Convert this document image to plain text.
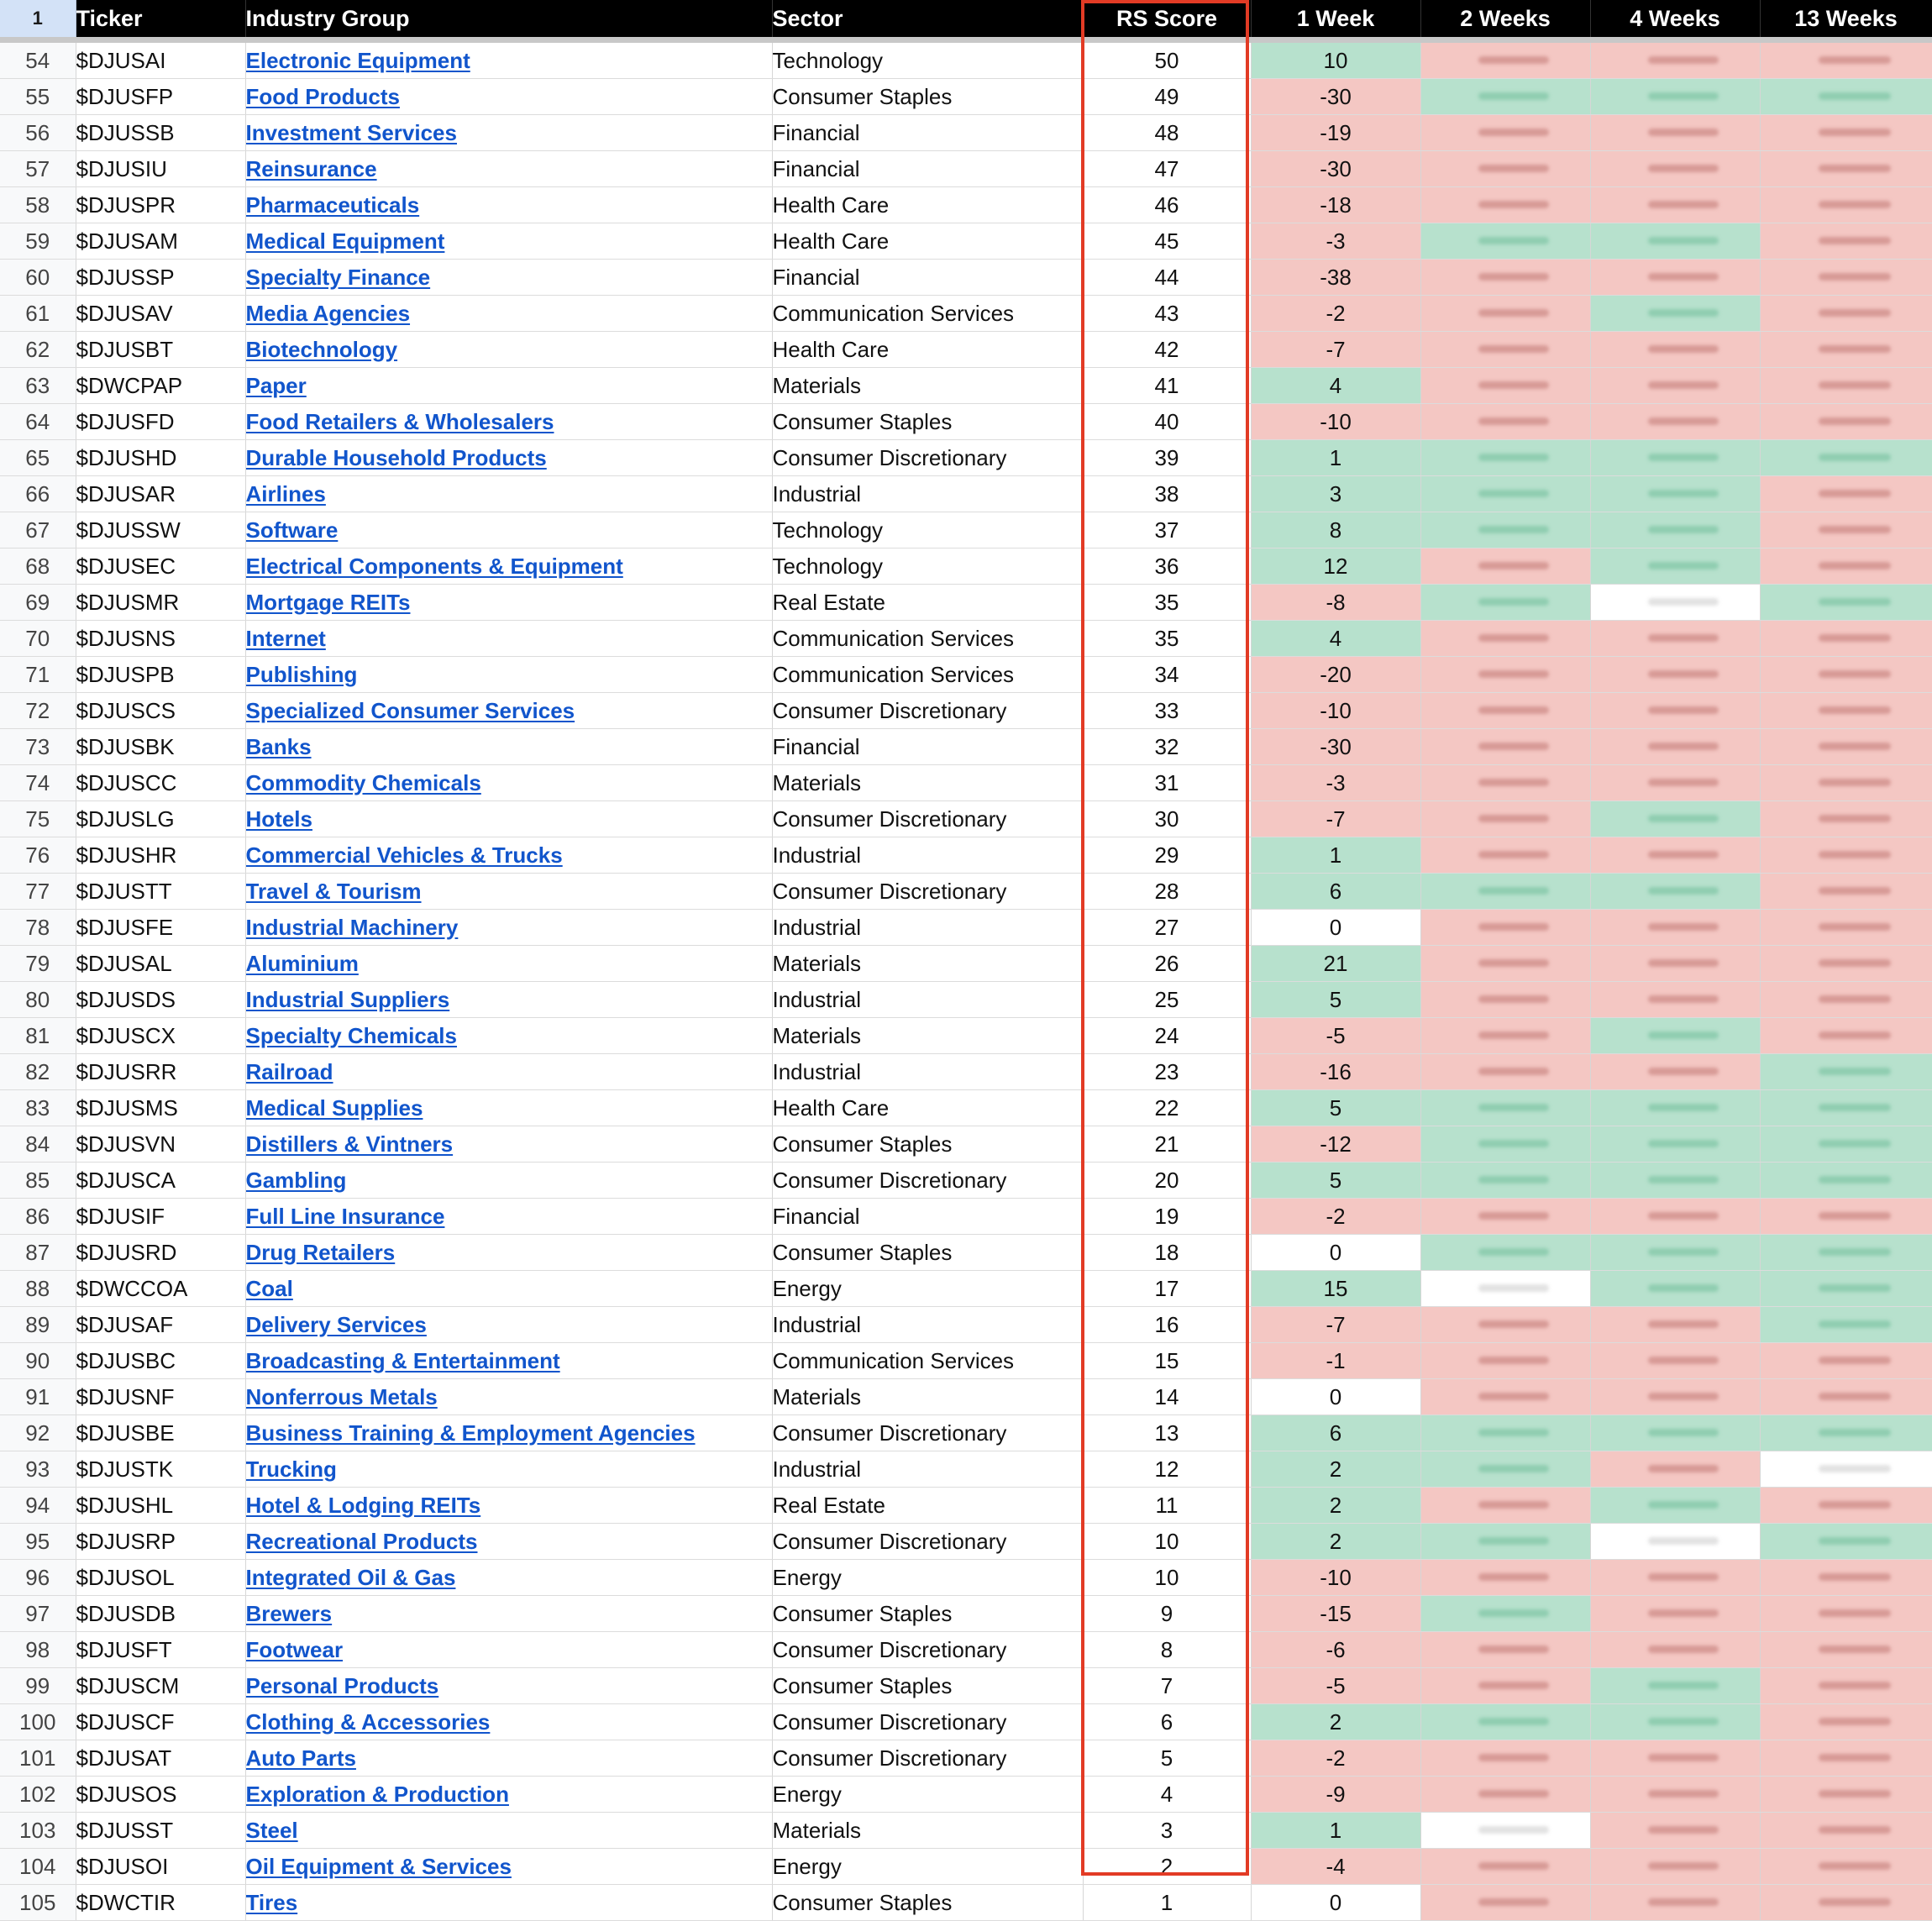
1	Ticker	Industry Group	Sector	RS Score	1 Week	2 Weeks	4 Weeks	13 Weeks
54	$DJUSAI	Electronic Equipment	Technology	50	10	

55	$DJUSFP	Food Products	Consumer Staples	49	-30	

56	$DJUSSB	Investment Services	Financial	48	-19	

57	$DJUSIU	Reinsurance	Financial	47	-30	

58	$DJUSPR	Pharmaceuticals	Health Care	46	-18	

59	$DJUSAM	Medical Equipment	Health Care	45	-3	

60	$DJUSSP	Specialty Finance	Financial	44	-38	

61	$DJUSAV	Media Agencies	Communication Services	43	-2	

62	$DJUSBT	Biotechnology	Health Care	42	-7	

63	$DWCPAP	Paper	Materials	41	4	

64	$DJUSFD	Food Retailers & Wholesalers	Consumer Staples	40	-10	

65	$DJUSHD	Durable Household Products	Consumer Discretionary	39	1	

66	$DJUSAR	Airlines	Industrial	38	3	

67	$DJUSSW	Software	Technology	37	8	

68	$DJUSEC	Electrical Components & Equipment	Technology	36	12	

69	$DJUSMR	Mortgage REITs	Real Estate	35	-8	

70	$DJUSNS	Internet	Communication Services	35	4	

71	$DJUSPB	Publishing	Communication Services	34	-20	

72	$DJUSCS	Specialized Consumer Services	Consumer Discretionary	33	-10	

73	$DJUSBK	Banks	Financial	32	-30	

74	$DJUSCC	Commodity Chemicals	Materials	31	-3	

75	$DJUSLG	Hotels	Consumer Discretionary	30	-7	

76	$DJUSHR	Commercial Vehicles & Trucks	Industrial	29	1	

77	$DJUSTT	Travel & Tourism	Consumer Discretionary	28	6	

78	$DJUSFE	Industrial Machinery	Industrial	27	0	

79	$DJUSAL	Aluminium	Materials	26	21	

80	$DJUSDS	Industrial Suppliers	Industrial	25	5	

81	$DJUSCX	Specialty Chemicals	Materials	24	-5	

82	$DJUSRR	Railroad	Industrial	23	-16	

83	$DJUSMS	Medical Supplies	Health Care	22	5	

84	$DJUSVN	Distillers & Vintners	Consumer Staples	21	-12	

85	$DJUSCA	Gambling	Consumer Discretionary	20	5	

86	$DJUSIF	Full Line Insurance	Financial	19	-2	

87	$DJUSRD	Drug Retailers	Consumer Staples	18	0	

88	$DWCCOA	Coal	Energy	17	15	

89	$DJUSAF	Delivery Services	Industrial	16	-7	

90	$DJUSBC	Broadcasting & Entertainment	Communication Services	15	-1	

91	$DJUSNF	Nonferrous Metals	Materials	14	0	

92	$DJUSBE	Business Training & Employment Agencies	Consumer Discretionary	13	6	

93	$DJUSTK	Trucking	Industrial	12	2	

94	$DJUSHL	Hotel & Lodging REITs	Real Estate	11	2	

95	$DJUSRP	Recreational Products	Consumer Discretionary	10	2	

96	$DJUSOL	Integrated Oil & Gas	Energy	10	-10	

97	$DJUSDB	Brewers	Consumer Staples	9	-15	

98	$DJUSFT	Footwear	Consumer Discretionary	8	-6	

99	$DJUSCM	Personal Products	Consumer Staples	7	-5	

100	$DJUSCF	Clothing & Accessories	Consumer Discretionary	6	2	

101	$DJUSAT	Auto Parts	Consumer Discretionary	5	-2	

102	$DJUSOS	Exploration & Production	Energy	4	-9	

103	$DJUSST	Steel	Materials	3	1	

104	$DJUSOI	Oil Equipment & Services	Energy	2	-4	

105	$DWCTIR	Tires	Consumer Staples	1	0	
